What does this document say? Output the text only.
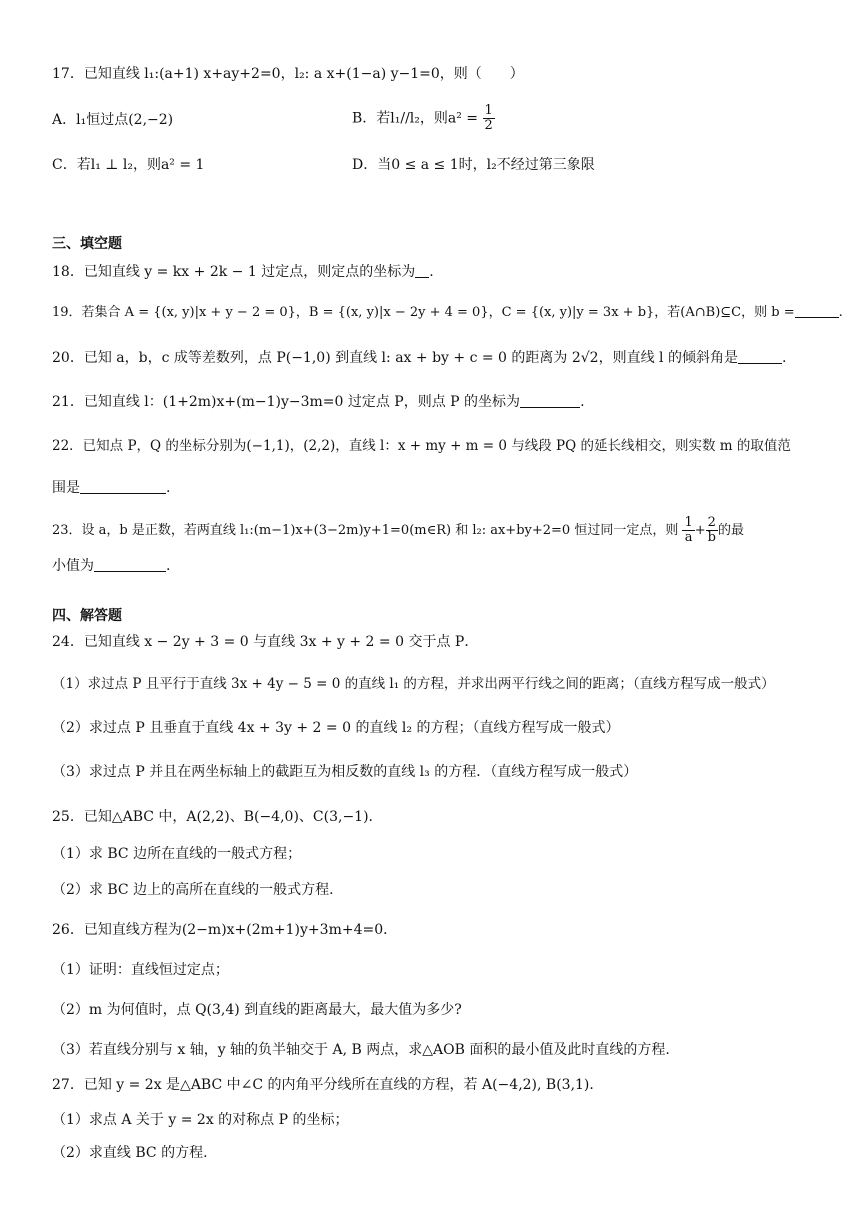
17．已知直线 l₁:(a+1) x+ay+2=0，l₂: a x+(1−a) y−1=0，则（　　）
A．l₁恒过点(2,−2)	B．若l₁//l₂，则$a^2 = \frac{1}{2}$
C．若l₁ ⊥ l₂，则a² = 1	D．当0 ≤ a ≤ 1时，l₂不经过第三象限
三、填空题
18．已知直线 y = kx + 2k − 1 过定点，则定点的坐标为 .
19．若集合 A = {(x, y)|x + y − 2 = 0}，B = {(x, y)|x − 2y + 4 = 0}，C = {(x, y)|y = 3x + b}，若(A∩B)⊆C，则 b =	.
20．已知 a，b，c 成等差数列，点 P(−1,0) 到直线 l: ax + by + c = 0 的距离为 2√2，则直线 l 的倾斜角是	.
21．已知直线 l：(1+2m)x+(m−1)y−3m=0 过定点 P，则点 P 的坐标为	.
22．已知点 P，Q 的坐标分别为(−1,1)，(2,2)，直线 l：x + my + m = 0 与线段 PQ 的延长线相交，则实数 m 的取值范
围是	.
23．设 a，b 是正数，若两直线 l₁:(m−1)x+(3−2m)y+1=0(m∈R) 和 l₂: ax+by+2=0 恒过同一定点，则 $\frac{1}{a} + \frac{2}{b}$ 的最
小值为	.
四、解答题
24．已知直线 x − 2y + 3 = 0 与直线 3x + y + 2 = 0 交于点 P．
（1）求过点 P 且平行于直线 3x + 4y − 5 = 0 的直线 l₁ 的方程，并求出两平行线之间的距离；（直线方程写成一般式）
（2）求过点 P 且垂直于直线 4x + 3y + 2 = 0 的直线 l₂ 的方程；（直线方程写成一般式）
（3）求过点 P 并且在两坐标轴上的截距互为相反数的直线 l₃ 的方程．（直线方程写成一般式）
25．已知△ABC 中，A(2,2)、B(−4,0)、C(3,−1)．
（1）求 BC 边所在直线的一般式方程；
（2）求 BC 边上的高所在直线的一般式方程.
26．已知直线方程为(2−m)x+(2m+1)y+3m+4=0．
（1）证明：直线恒过定点；
（2）m 为何值时，点 Q(3,4) 到直线的距离最大，最大值为多少?
（3）若直线分别与 x 轴，y 轴的负半轴交于 A, B 两点，求△AOB 面积的最小值及此时直线的方程.
27．已知 y = 2x 是△ABC 中∠C 的内角平分线所在直线的方程，若 A(−4,2), B(3,1)．
（1）求点 A 关于 y = 2x 的对称点 P 的坐标；
（2）求直线 BC 的方程.
